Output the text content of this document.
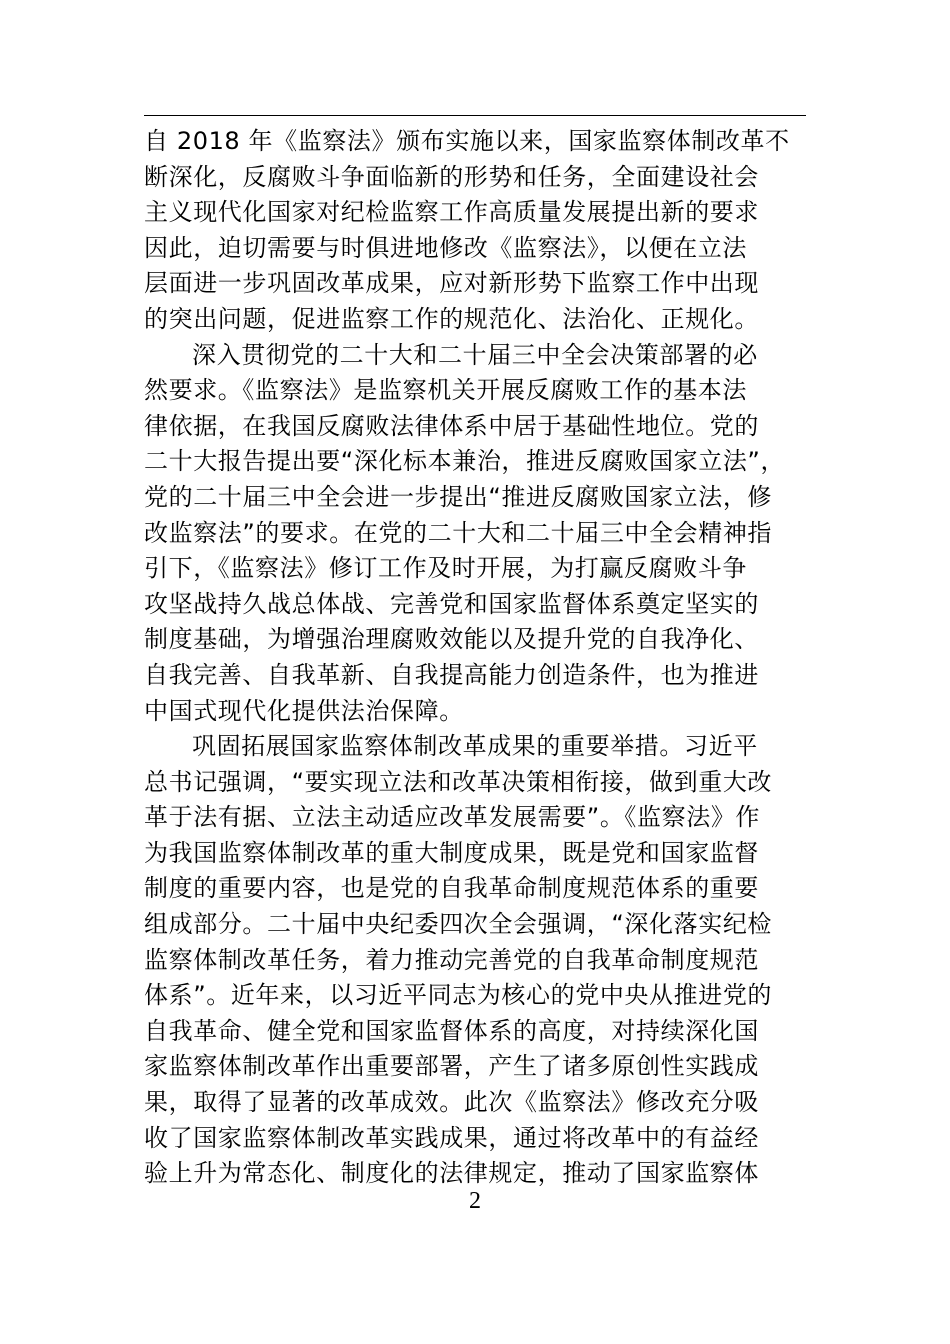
自 2018 年《监察法》颁布实施以来，国家监察体制改革不
断深化，反腐败斗争面临新的形势和任务，全面建设社会
主义现代化国家对纪检监察工作高质量发展提出新的要求
因此，迫切需要与时俱进地修改《监察法》，以便在立法
层面进一步巩固改革成果，应对新形势下监察工作中出现
的突出问题，促进监察工作的规范化、法治化、正规化。
深入贯彻党的二十大和二十届三中全会决策部署的必
然要求。《监察法》是监察机关开展反腐败工作的基本法
律依据，在我国反腐败法律体系中居于基础性地位。党的
二十大报告提出要“深化标本兼治，推进反腐败国家立法”，
党的二十届三中全会进一步提出“推进反腐败国家立法，修
改监察法”的要求。在党的二十大和二十届三中全会精神指
引下，《监察法》修订工作及时开展，为打赢反腐败斗争
攻坚战持久战总体战、完善党和国家监督体系奠定坚实的
制度基础，为增强治理腐败效能以及提升党的自我净化、
自我完善、自我革新、自我提高能力创造条件，也为推进
中国式现代化提供法治保障。
巩固拓展国家监察体制改革成果的重要举措。习近平
总书记强调，“要实现立法和改革决策相衔接，做到重大改
革于法有据、立法主动适应改革发展需要”。《监察法》作
为我国监察体制改革的重大制度成果，既是党和国家监督
制度的重要内容，也是党的自我革命制度规范体系的重要
组成部分。二十届中央纪委四次全会强调，“深化落实纪检
监察体制改革任务，着力推动完善党的自我革命制度规范
体系”。近年来，以习近平同志为核心的党中央从推进党的
自我革命、健全党和国家监督体系的高度，对持续深化国
家监察体制改革作出重要部署，产生了诸多原创性实践成
果，取得了显著的改革成效。此次《监察法》修改充分吸
收了国家监察体制改革实践成果，通过将改革中的有益经
验上升为常态化、制度化的法律规定，推动了国家监察体
2
